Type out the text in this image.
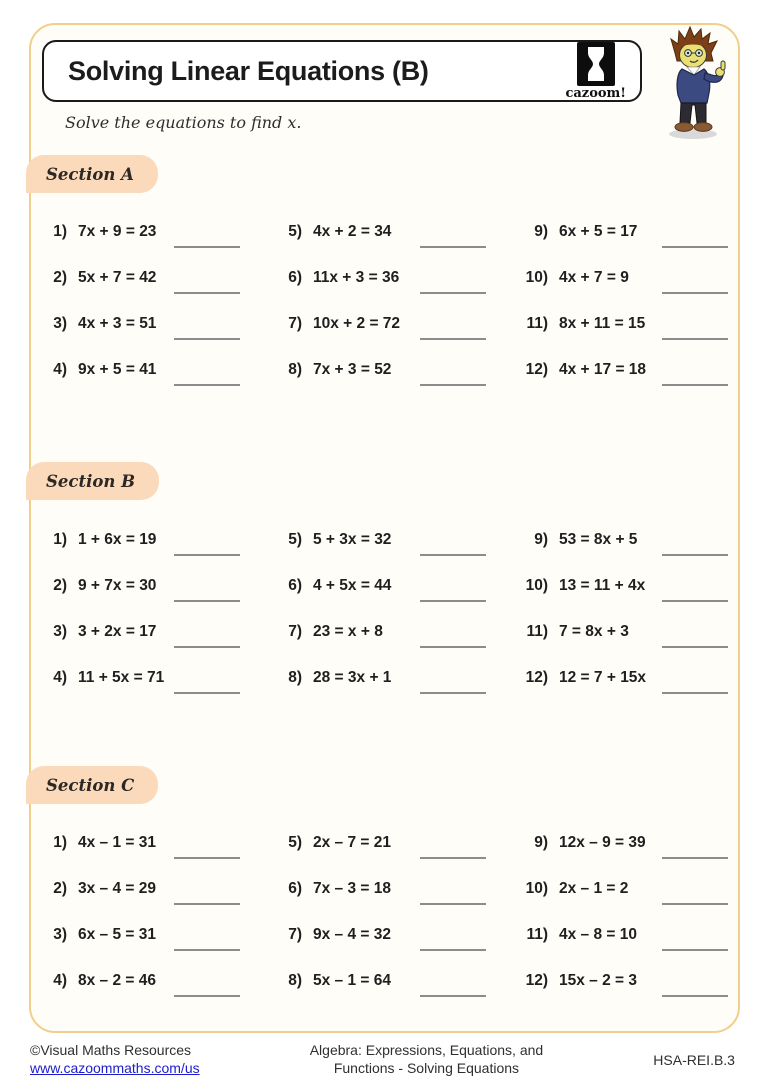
Solving Linear Equations (B)
cazoom!
Solve the equations to find x.
Section A
1) 7x + 9 = 23
2) 5x + 7 = 42
3) 4x + 3 = 51
4) 9x + 5 = 41
5) 4x + 2 = 34
6) 11x + 3 = 36
7) 10x + 2 = 72
8) 7x + 3 = 52
9) 6x + 5 = 17
10) 4x + 7 = 9
11) 8x + 11 = 15
12) 4x + 17 = 18
Section B
1) 1 + 6x = 19
2) 9 + 7x = 30
3) 3 + 2x = 17
4) 11 + 5x = 71
5) 5 + 3x = 32
6) 4 + 5x = 44
7) 23 = x + 8
8) 28 = 3x + 1
9) 53 = 8x + 5
10) 13 = 11 + 4x
11) 7 = 8x + 3
12) 12 = 7 + 15x
Section C
1) 4x – 1 = 31
2) 3x – 4 = 29
3) 6x – 5 = 31
4) 8x – 2 = 46
5) 2x – 7 = 21
6) 7x – 3 = 18
7) 9x – 4 = 32
8) 5x – 1 = 64
9) 12x – 9 = 39
10) 2x – 1 = 2
11) 4x – 8 = 10
12) 15x – 2 = 3
©Visual Maths Resources
www.cazoommaths.com/us
Algebra: Expressions, Equations, and
Functions - Solving Equations	HSA-REI.B.3
